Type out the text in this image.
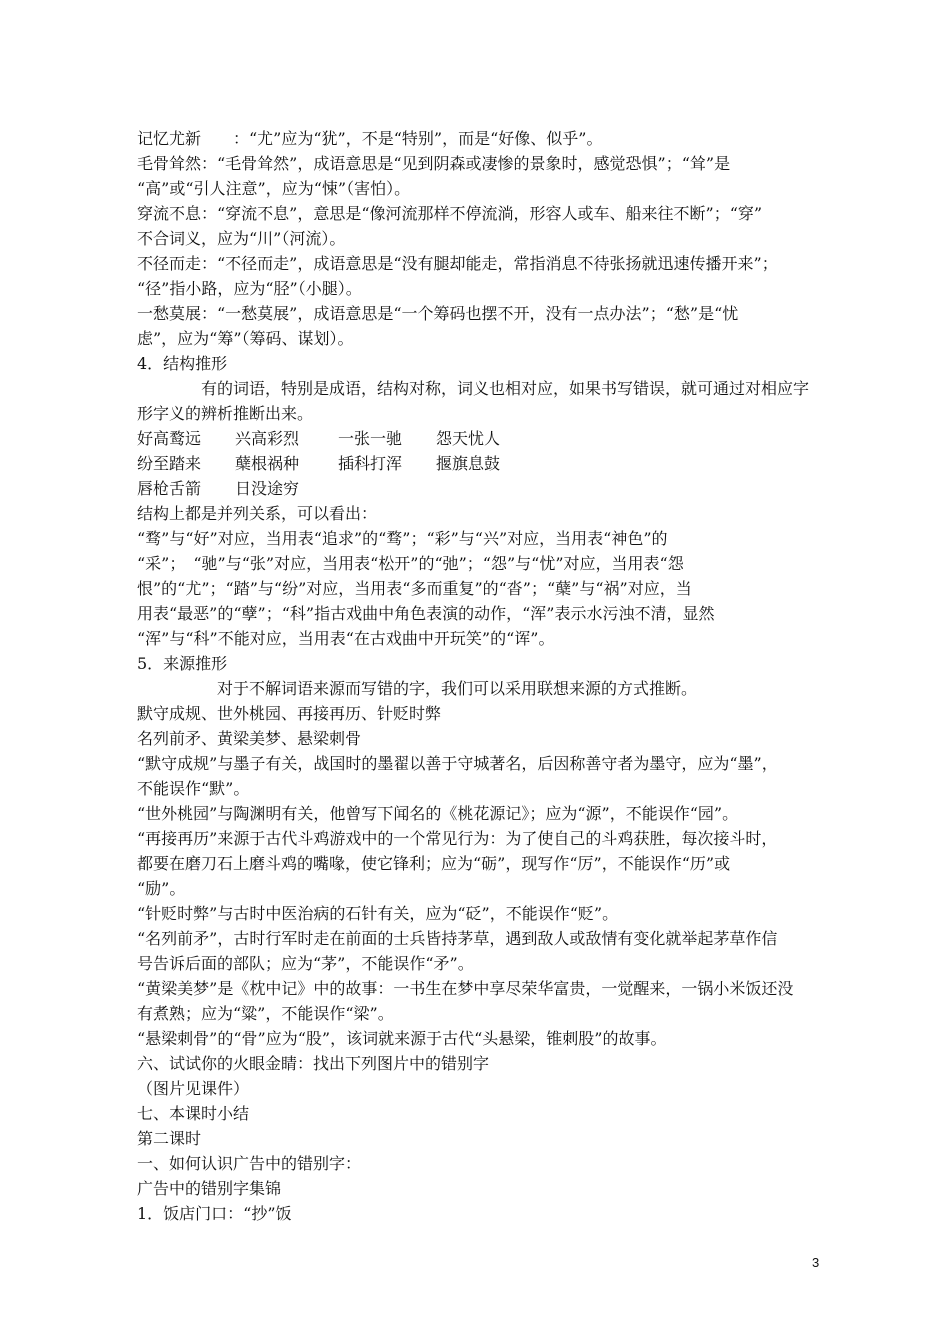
记忆尤新　　：“尤”应为“犹”，不是“特别”，而是“好像、似乎”。
毛骨耸然：“毛骨耸然”，成语意思是“见到阴森或凄惨的景象时，感觉恐惧”；“耸”是
“高”或“引人注意”，应为“悚”（害怕）。
穿流不息：“穿流不息”，意思是“像河流那样不停流淌，形容人或车、船来往不断”；“穿”
不合词义，应为“川”（河流）。
不径而走：“不径而走”，成语意思是“没有腿却能走，常指消息不待张扬就迅速传播开来”；
“径”指小路，应为“胫”（小腿）。
一愁莫展：“一愁莫展”，成语意思是“一个筹码也摆不开，没有一点办法”；“愁”是“忧
虑”，应为“筹”（筹码、谋划）。
4．结构推形
　　　　有的词语，特别是成语，结构对称，词义也相对应，如果书写错误，就可通过对相应字
形字义的辨析推断出来。
好高鹜远 兴高彩烈 一张一驰 怨天忧人
纷至踏来 蘖根祸种 插科打浑 揠旗息鼓
唇枪舌箭 日没途穷
结构上都是并列关系，可以看出：
“骛”与“好”对应，当用表“追求”的“骛”；“彩”与“兴”对应，当用表“神色”的
“采”；　“驰”与“张”对应，当用表“松开”的“弛”；“怨”与“忧”对应，当用表“怨
恨”的“尤”；“踏”与“纷”对应，当用表“多而重复”的“沓”；“蘖”与“祸”对应，当
用表“最恶”的“孽”；“科”指古戏曲中角色表演的动作，“浑”表示水污浊不清，显然
“浑”与“科”不能对应，当用表“在古戏曲中开玩笑”的“诨”。
5．来源推形
　　　　　对于不解词语来源而写错的字，我们可以采用联想来源的方式推断。
默守成规、世外桃园、再接再历、针贬时弊
名列前矛、黄梁美梦、悬梁刺骨
“默守成规”与墨子有关，战国时的墨翟以善于守城著名，后因称善守者为墨守，应为“墨”，
不能误作“默”。
“世外桃园”与陶渊明有关，他曾写下闻名的《桃花源记》；应为“源”，不能误作“园”。
“再接再历”来源于古代斗鸡游戏中的一个常见行为：为了使自己的斗鸡获胜，每次接斗时，
都要在磨刀石上磨斗鸡的嘴喙，使它锋利；应为“砺”，现写作“厉”，不能误作“历”或
“励”。
“针贬时弊”与古时中医治病的石针有关，应为“砭”，不能误作“贬”。
“名列前矛”，古时行军时走在前面的士兵皆持茅草，遇到敌人或敌情有变化就举起茅草作信
号告诉后面的部队；应为“茅”，不能误作“矛”。
“黄梁美梦”是《枕中记》中的故事：一书生在梦中享尽荣华富贵，一觉醒来，一锅小米饭还没
有煮熟；应为“粱”，不能误作“梁”。
“悬梁刺骨”的“骨”应为“股”，该词就来源于古代“头悬梁，锥刺股”的故事。
六、试试你的火眼金睛：找出下列图片中的错别字
（图片见课件）
七、本课时小结
第二课时
一、如何认识广告中的错别字：
广告中的错别字集锦
1．饭店门口：“抄”饭
3
